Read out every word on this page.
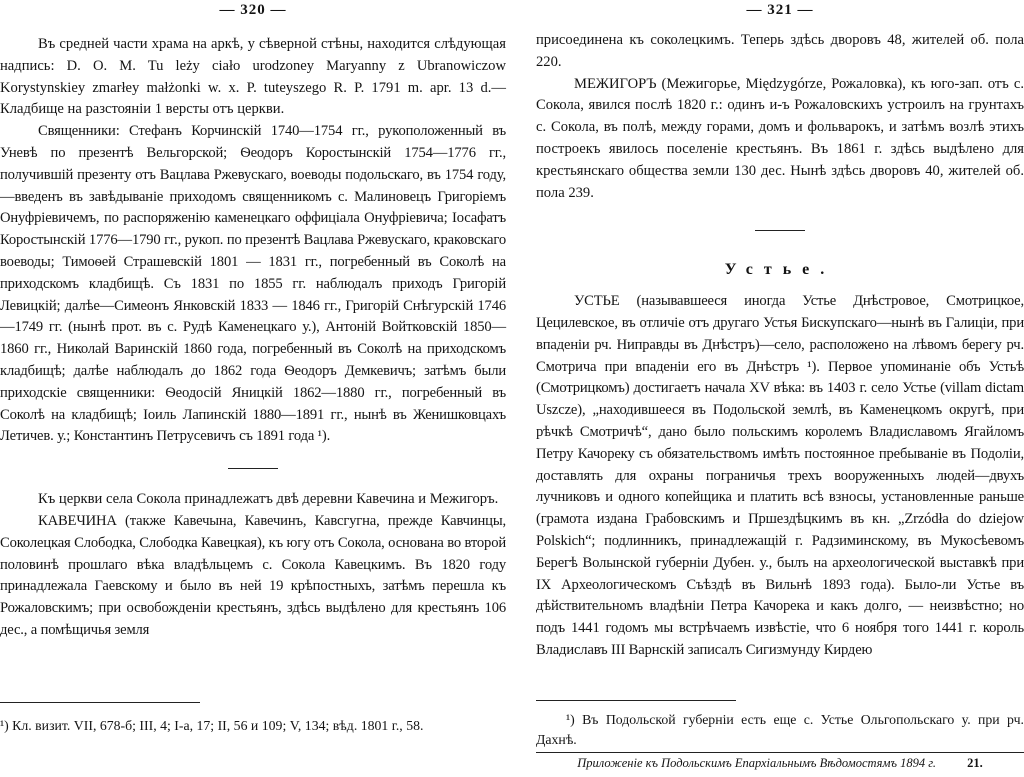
— 320 —

Въ средней части храма на аркѣ, у сѣверной стѣны, находится слѣдующая надпись: D. O. M. Tu leży ciało urodzoney Maryanny z Ubranowiczow Korystynskiey zmarłey małżonki w. x. P. tuteyszego R. P. 1791 m. apr. 13 d.—Кладбище на разстояніи 1 версты отъ церкви.

Священники: Стефанъ Корчинскій 1740—1754 гг., рукоположенный въ Уневѣ по презентѣ Вельгорской; Ѳеодоръ Коростынскій 1754—1776 гг., получившій презенту отъ Вацлава Ржевускаго, воеводы подольскаго, въ 1754 году,—введенъ въ завѣдываніе приходомъ священникомъ с. Малиновецъ Григоріемъ Онуфріевичемъ, по распоряженію каменецкаго оффиціала Онуфріевича; Іосафатъ Коростынскій 1776—1790 гг., рукоп. по презентѣ Вацлава Ржевускаго, краковскаго воеводы; Тимоѳей Страшевскій 1801 — 1831 гг., погребенный въ Соколѣ на приходскомъ кладбищѣ. Съ 1831 по 1855 гг. наблюдалъ приходъ Григорій Левицкій; далѣе—Симеонъ Янковскій 1833 — 1846 гг., Григорій Снѣгурскій 1746—1749 гг. (нынѣ прот. въ с. Рудѣ Каменецкаго у.), Антоній Войтковскій 1850—1860 гг., Николай Варинскій 1860 года, погребенный въ Соколѣ на приходскомъ кладбищѣ; далѣе наблюдалъ до 1862 года Ѳеодоръ Демкевичъ; затѣмъ были приходскіе священники: Ѳеодосій Яницкій 1862—1880 гг., погребенный въ Соколѣ на кладбищѣ; Іоиль Лапинскій 1880—1891 гг., нынѣ въ Женишковцахъ Летичев. у.; Константинъ Петрусевичъ съ 1891 года ¹).

Къ церкви села Сокола принадлежатъ двѣ деревни Кавечина и Межигоръ.

КАВЕЧИНА (также Кавечына, Кавечинъ, Кавсгугна, прежде Кавчинцы, Соколецкая Слободка, Слободка Кавецкая), къ югу отъ Сокола, основана во второй половинѣ прошлаго вѣка владѣльцемъ с. Сокола Кавецкимъ. Въ 1820 году принадлежала Гаевскому и было въ ней 19 крѣпостныхъ, затѣмъ перешла къ Рожаловскимъ; при освобожденіи крестьянъ, здѣсь выдѣлено для крестьянъ 106 дес., а помѣщичья земля

¹) Кл. визит. VII, 678-б; III, 4; I-a, 17; II, 56 и 109; V, 134; вѣд. 1801 г., 58.
— 321 —

присоединена къ соколецкимъ. Теперь здѣсь дворовъ 48, жителей об. пола 220.

МЕЖИГОРЪ (Межигорье, Międzygórze, Рожаловка), къ юго-зап. отъ с. Сокола, явился послѣ 1820 г.: одинъ и-ъ Рожаловскихъ устроилъ на грунтахъ с. Сокола, въ полѣ, между горами, домъ и фольварокъ, и затѣмъ возлѣ этихъ построекъ явилось поселеніе крестьянъ. Въ 1861 г. здѣсь выдѣлено для крестьянскаго общества земли 130 дес. Нынѣ здѣсь дворовъ 40, жителей об. пола 239.

Устье.

УСТЬЕ (называвшееся иногда Устье Днѣстровое, Смотрицкое, Цецилевское, въ отличіе отъ другаго Устья Бискупскаго—нынѣ въ Галиціи, при впаденіи рч. Ниправды въ Днѣстръ)—село, расположено на лѣвомъ берегу рч. Смотрича при впаденіи его въ Днѣстръ ¹). Первое упоминаніе объ Устьѣ (Смотрицкомъ) достигаетъ начала XV вѣка: въ 1403 г. село Устье (villam dictam Uszcze), „находившееся въ Подольской землѣ, въ Каменецкомъ округѣ, при рѣчкѣ Смотричѣ“, дано было польскимъ королемъ Владиславомъ Ягайломъ Петру Качореку съ обязательствомъ имѣть постоянное пребываніе въ Подоліи, доставлять для охраны пограничья трехъ вооруженныхъ людей—двухъ лучниковъ и одного копейщика и платить всѣ взносы, установленные раньше (грамота издана Грабовскимъ и Пршездѣцкимъ въ кн. „Zrzódła do dziejow Polskich“; подлинникъ, принадлежащій г. Радзиминскому, въ Мукосѣевомъ Берегѣ Волынской губерніи Дубен. у., былъ на археологической выставкѣ при IX Археологическомъ Съѣздѣ въ Вильнѣ 1893 года). Было-ли Устье въ дѣйствительномъ владѣніи Петра Качорека и какъ долго, — неизвѣстно; но подъ 1441 годомъ мы встрѣчаемъ извѣстіе, что 6 ноября того 1441 г. король Владиславъ III Варнскій записалъ Сигизмунду Кирдею

¹) Въ Подольской губерніи есть еще с. Устье Ольгопольскаго у. при рч. Дахнѣ.
Приложеніе къ Подольскимъ Епархіальнымъ Вѣдомостямъ 1894 г. 21.
